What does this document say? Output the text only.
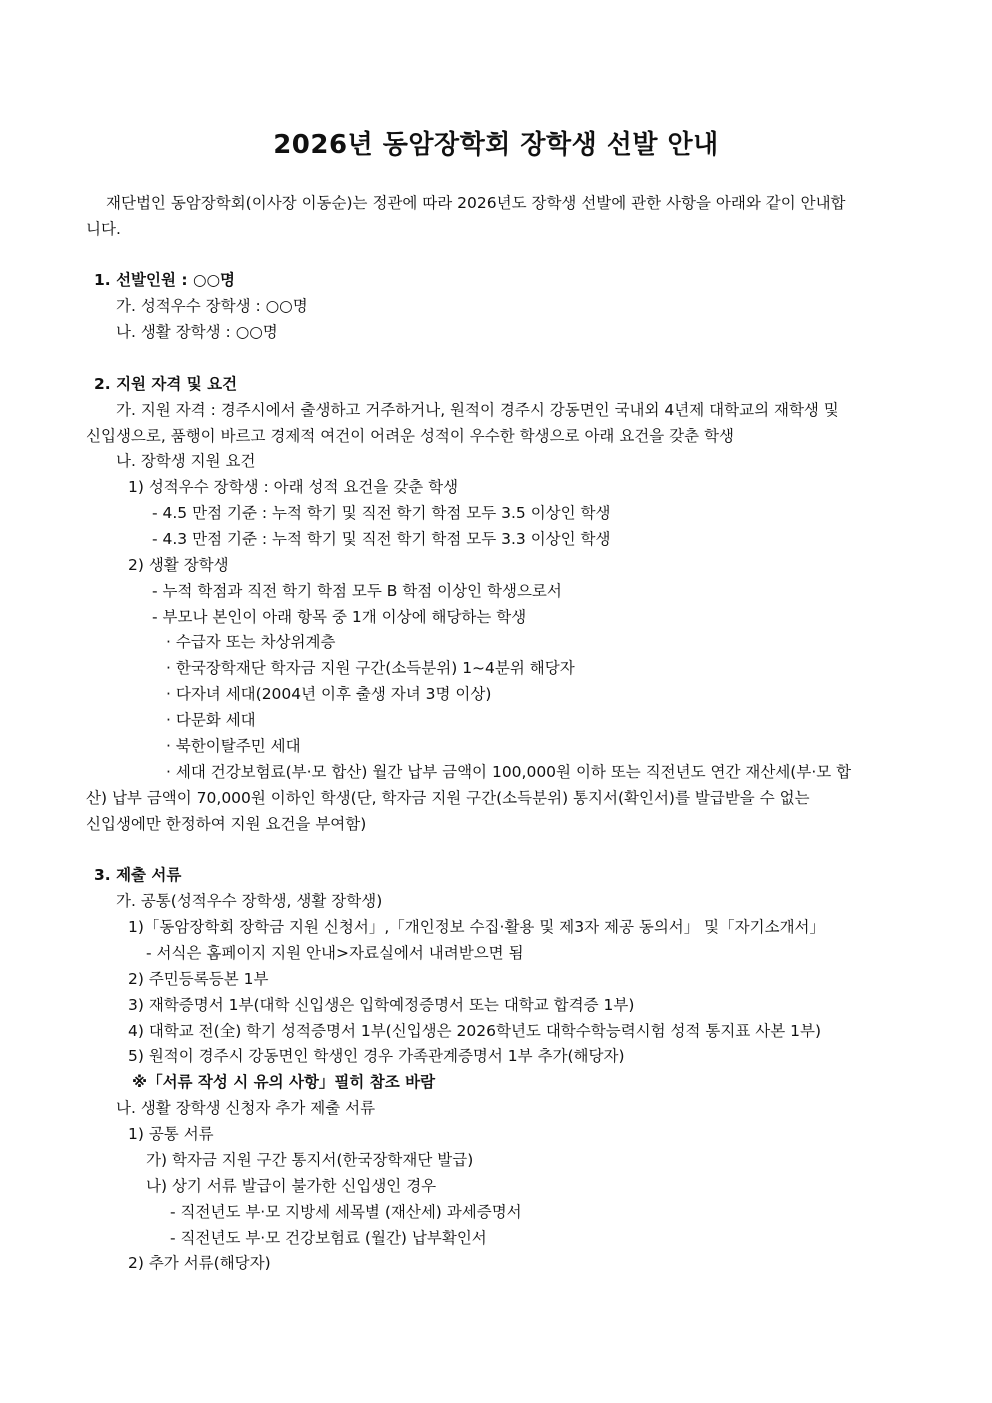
2026년 동암장학회 장학생 선발 안내
재단법인 동암장학회(이사장 이동순)는 정관에 따라 2026년도 장학생 선발에 관한 사항을 아래와 같이 안내합
니다.
1. 선발인원 : ○○명
가. 성적우수 장학생 : ○○명
나. 생활 장학생 : ○○명
2. 지원 자격 및 요건
가. 지원 자격 : 경주시에서 출생하고 거주하거나, 원적이 경주시 강동면인 국내외 4년제 대학교의 재학생 및
신입생으로, 품행이 바르고 경제적 여건이 어려운 성적이 우수한 학생으로 아래 요건을 갖춘 학생
나. 장학생 지원 요건
1) 성적우수 장학생 : 아래 성적 요건을 갖춘 학생
- 4.5 만점 기준 : 누적 학기 및 직전 학기 학점 모두 3.5 이상인 학생
- 4.3 만점 기준 : 누적 학기 및 직전 학기 학점 모두 3.3 이상인 학생
2) 생활 장학생
- 누적 학점과 직전 학기 학점 모두 B 학점 이상인 학생으로서
- 부모나 본인이 아래 항목 중 1개 이상에 해당하는 학생
· 수급자 또는 차상위계층
· 한국장학재단 학자금 지원 구간(소득분위) 1~4분위 해당자
· 다자녀 세대(2004년 이후 출생 자녀 3명 이상)
· 다문화 세대
· 북한이탈주민 세대
· 세대 건강보험료(부·모 합산) 월간 납부 금액이 100,000원 이하 또는 직전년도 연간 재산세(부·모 합
산) 납부 금액이 70,000원 이하인 학생(단, 학자금 지원 구간(소득분위) 통지서(확인서)를 발급받을 수 없는
신입생에만 한정하여 지원 요건을 부여함)
3. 제출 서류
가. 공통(성적우수 장학생, 생활 장학생)
1)「동암장학회 장학금 지원 신청서」,「개인정보 수집·활용 및 제3자 제공 동의서」 및「자기소개서」
- 서식은 홈페이지 지원 안내>자료실에서 내려받으면 됨
2) 주민등록등본 1부
3) 재학증명서 1부(대학 신입생은 입학예정증명서 또는 대학교 합격증 1부)
4) 대학교 전(全) 학기 성적증명서 1부(신입생은 2026학년도 대학수학능력시험 성적 통지표 사본 1부)
5) 원적이 경주시 강동면인 학생인 경우 가족관계증명서 1부 추가(해당자)
※「서류 작성 시 유의 사항」필히 참조 바람
나. 생활 장학생 신청자 추가 제출 서류
1) 공통 서류
가) 학자금 지원 구간 통지서(한국장학재단 발급)
나) 상기 서류 발급이 불가한 신입생인 경우
- 직전년도 부·모 지방세 세목별 (재산세) 과세증명서
- 직전년도 부·모 건강보험료 (월간) 납부확인서
2) 추가 서류(해당자)
